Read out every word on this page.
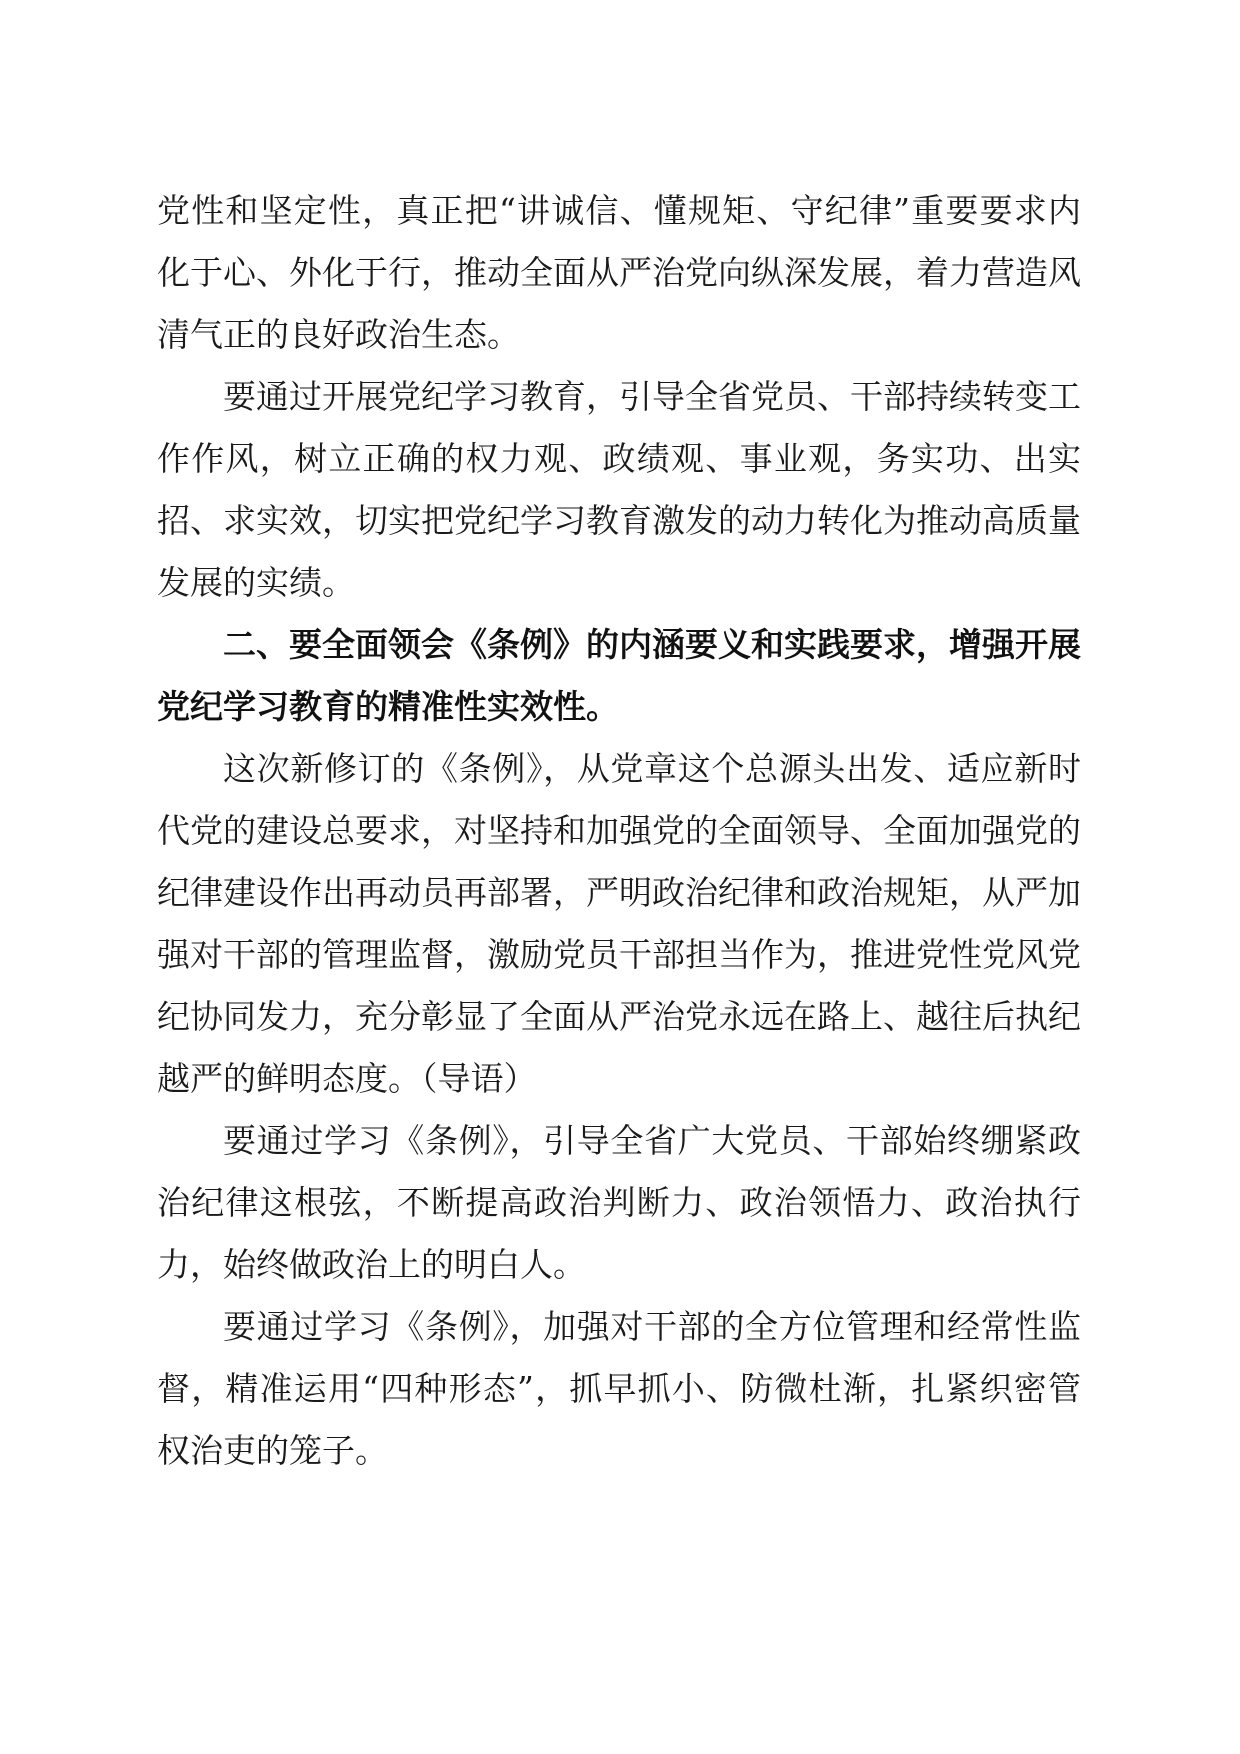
党性和坚定性，真正把“讲诚信、懂规矩、守纪律”重要要求内化于心、外化于行，推动全面从严治党向纵深发展，着力营造风清气正的良好政治生态。

要通过开展党纪学习教育，引导全省党员、干部持续转变工作作风，树立正确的权力观、政绩观、事业观，务实功、出实招、求实效，切实把党纪学习教育激发的动力转化为推动高质量发展的实绩。

二、要全面领会《条例》的内涵要义和实践要求，增强开展党纪学习教育的精准性实效性。

这次新修订的《条例》，从党章这个总源头出发、适应新时代党的建设总要求，对坚持和加强党的全面领导、全面加强党的纪律建设作出再动员再部署，严明政治纪律和政治规矩，从严加强对干部的管理监督，激励党员干部担当作为，推进党性党风党纪协同发力，充分彰显了全面从严治党永远在路上、越往后执纪越严的鲜明态度。（导语）

要通过学习《条例》，引导全省广大党员、干部始终绷紧政治纪律这根弦，不断提高政治判断力、政治领悟力、政治执行力，始终做政治上的明白人。

要通过学习《条例》，加强对干部的全方位管理和经常性监督，精准运用“四种形态”，抓早抓小、防微杜渐，扎紧织密管权治吏的笼子。
